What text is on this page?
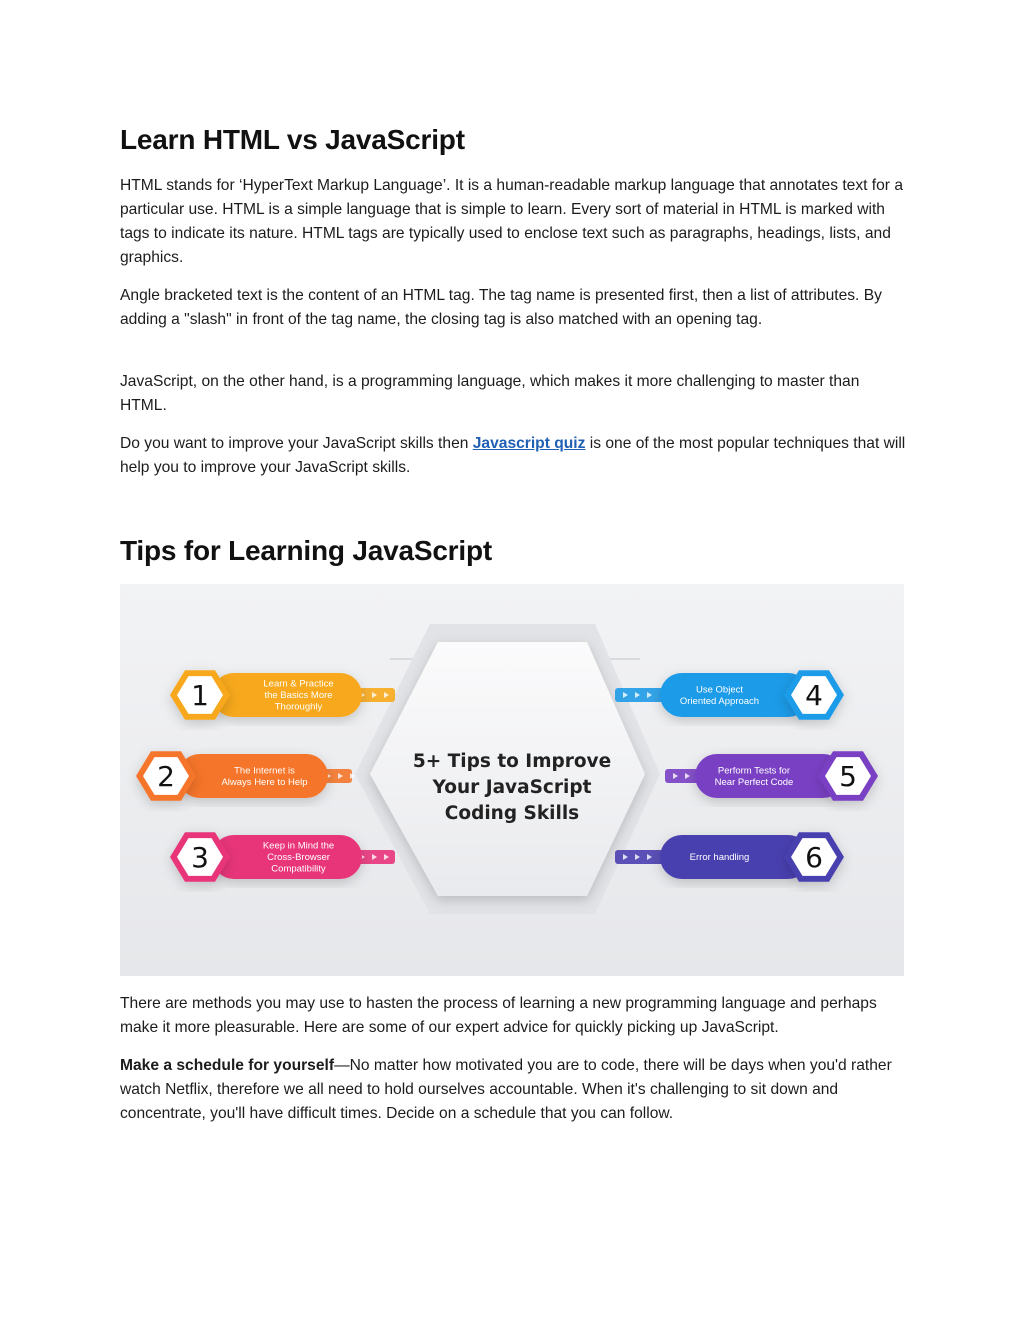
Learn HTML vs JavaScript

HTML stands for ‘HyperText Markup Language’. It is a human-readable markup language that annotates text for a particular use. HTML is a simple language that is simple to learn. Every sort of material in HTML is marked with tags to indicate its nature. HTML tags are typically used to enclose text such as paragraphs, headings, lists, and graphics.

Angle bracketed text is the content of an HTML tag. The tag name is presented first, then a list of attributes. By adding a "slash" in front of the tag name, the closing tag is also matched with an opening tag.

JavaScript, on the other hand, is a programming language, which makes it more challenging to master than HTML.

Do you want to improve your JavaScript skills then Javascript quiz is one of the most popular techniques that will help you to improve your JavaScript skills.

Tips for Learning JavaScript
5+ Tips to Improve
Your JavaScript
Coding Skills
1	Learn & Practice
the Basics More
Thoroughly
2	The Internet is
Always Here to Help
3	Keep in Mind the
Cross-Browser
Compatibility
4
Use Object
Oriented Approach
5
Perform Tests for
Near Perfect Code
6
Error handling

There are methods you may use to hasten the process of learning a new programming language and perhaps make it more pleasurable. Here are some of our expert advice for quickly picking up JavaScript.

Make a schedule for yourself—No matter how motivated you are to code, there will be days when you'd rather watch Netflix, therefore we all need to hold ourselves accountable. When it's challenging to sit down and concentrate, you'll have difficult times. Decide on a schedule that you can follow.
